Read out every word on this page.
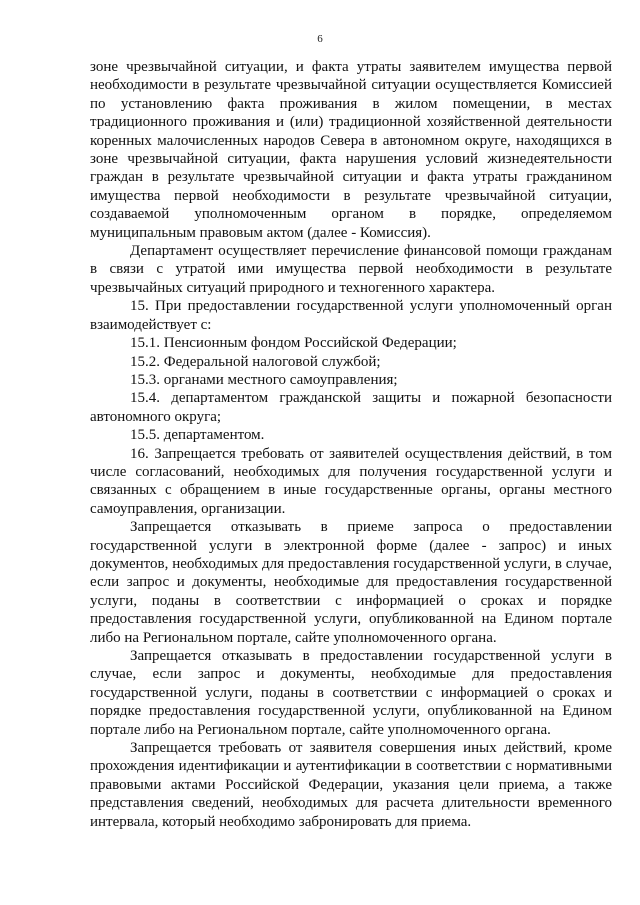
6

зоне чрезвычайной ситуации, и факта утраты заявителем имущества первой необходимости в результате чрезвычайной ситуации осуществляется Комиссией по установлению факта проживания в жилом помещении, в местах традиционного проживания и (или) традиционной хозяйственной деятельности коренных малочисленных народов Севера в автономном округе, находящихся в зоне чрезвычайной ситуации, факта нарушения условий жизнедеятельности граждан в результате чрезвычайной ситуации и факта утраты гражданином имущества первой необходимости в результате чрезвычайной ситуации, создаваемой уполномоченным органом в порядке, определяемом муниципальным правовым актом (далее - Комиссия).

Департамент осуществляет перечисление финансовой помощи гражданам в связи с утратой ими имущества первой необходимости в результате чрезвычайных ситуаций природного и техногенного характера.

15. При предоставлении государственной услуги уполномоченный орган взаимодействует с:

15.1. Пенсионным фондом Российской Федерации;

15.2. Федеральной налоговой службой;

15.3. органами местного самоуправления;

15.4. департаментом гражданской защиты и пожарной безопасности автономного округа;

15.5. департаментом.

16. Запрещается требовать от заявителей осуществления действий, в том числе согласований, необходимых для получения государственной услуги и связанных с обращением в иные государственные органы, органы местного самоуправления, организации.

Запрещается отказывать в приеме запроса о предоставлении государственной услуги в электронной форме (далее - запрос) и иных документов, необходимых для предоставления государственной услуги, в случае, если запрос и документы, необходимые для предоставления государственной услуги, поданы в соответствии с информацией о сроках и порядке предоставления государственной услуги, опубликованной на Едином портале либо на Региональном портале, сайте уполномоченного органа.

Запрещается отказывать в предоставлении государственной услуги в случае, если запрос и документы, необходимые для предоставления государственной услуги, поданы в соответствии с информацией о сроках и порядке предоставления государственной услуги, опубликованной на Едином портале либо на Региональном портале, сайте уполномоченного органа.

Запрещается требовать от заявителя совершения иных действий, кроме прохождения идентификации и аутентификации в соответствии с нормативными правовыми актами Российской Федерации, указания цели приема, а также представления сведений, необходимых для расчета длительности временного интервала, который необходимо забронировать для приема.
